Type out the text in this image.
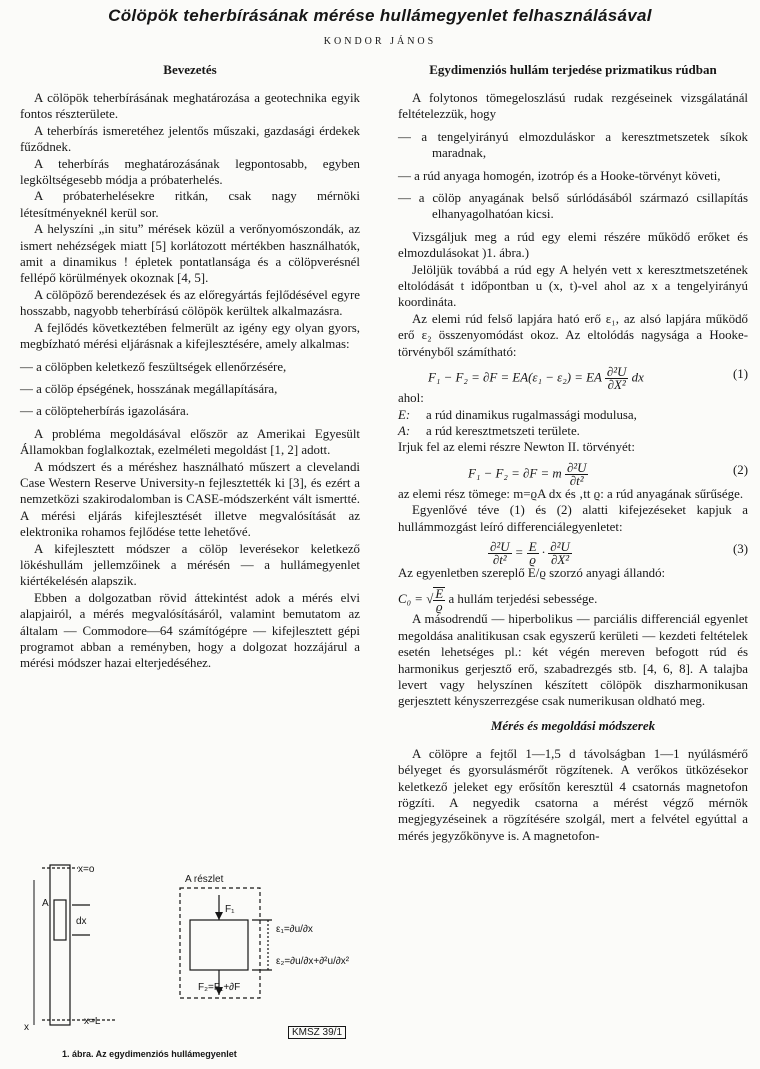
Cölöpök teherbírásának mérése hullámegyenlet felhasználásával
KONDOR JÁNOS
Bevezetés

A cölöpök teherbírásának meghatározása a geotechnika egyik fontos részterülete.

A teherbírás ismeretéhez jelentős műszaki, gazdasági érdekek fűződnek.

A teherbírás meghatározásának legpontosabb, egyben legköltségesebb módja a próbaterhelés.

A próbaterhelésekre ritkán, csak nagy mérnöki létesítményeknél kerül sor.

A helyszíni „in situ” mérések közül a verőnyomószondák, az ismert nehézségek miatt [5] korlátozott mértékben használhatók, amit a dinamikus ! épletek pontatlansága és a cölöpverésnél fellépő körülmények okoznak [4, 5].

A cölöpöző berendezések és az előregyártás fejlődésével egyre hosszabb, nagyobb teherbírású cölöpök kerültek alkalmazásra.

A fejlődés következtében felmerült az igény egy olyan gyors, megbízható mérési eljárásnak a kifejlesztésére, amely alkalmas:

— a cölöpben keletkező feszültségek ellenőrzésére,
— a cölöp épségének, hosszának megállapítására,
— a cölöpteherbírás igazolására.

A probléma megoldásával először az Amerikai Egyesült Államokban foglalkoztak, ezelméleti megoldást [1, 2] adott.

A módszert és a méréshez használható műszert a clevelandi Case Western Reserve University-n fejlesztették ki [3], és ezért a nemzetközi szakirodalomban is CASE-módszerként vált ismertté. A mérési eljárás kifejlesztését illetve megvalósítását az elektronika rohamos fejlődése tette lehetővé.

A kifejlesztett módszer a cölöp leverésekor keletkező lökéshullám jellemzőinek a mérésén — a hullámegyenlet kiértékelésén alapszik.

Ebben a dolgozatban rövid áttekintést adok a mérés elvi alapjairól, a mérés megvalósításáról, valamint bemutatom az általam — Commodore—64 számítógépre — kifejlesztett gépi programot abban a reményben, hogy a dolgozat hozzájárul a mérési módszer hazai elterjedéséhez.

x=o
x=L
A
dx
x
A részlet
F₁
F₂=F₁+∂F
ε₁=∂u/∂x
ε₂=∂u/∂x+∂²u/∂x²
KMSZ 39/1
1. ábra. Az egydimenziós hullámegyenlet
Egydimenziós hullám terjedése prizmatikus rúdban

A folytonos tömegeloszlású rudak rezgéseinek vizsgálatánál feltételezzük, hogy

— a tengelyirányú elmozduláskor a keresztmetszetek síkok maradnak,
— a rúd anyaga homogén, izotróp és a Hooke-törvényt követi,
— a cölöp anyagának belső súrlódásából származó csillapítás elhanyagolhatóan kicsi.

Vizsgáljuk meg a rúd egy elemi részére működő erőket és elmozdulásokat )1. ábra.)

Jelöljük továbbá a rúd egy A helyén vett x keresztmetszetének eltolódását t időpontban u (x, t)-vel ahol az x a tengelyirányú koordináta.

Az elemi rúd felső lapjára ható erő ε₁, az alsó lapjára működő erő ε₂ összenyomódást okoz. Az eltolódás nagysága a Hooke-törvényből számítható:

F₁ − F₂ = ∂F = EA(ε₁ − ε₂) = EA $\frac{\text{∂²U}}{\text{∂X²}}$ dx	(1)

ahol:

E: a rúd dinamikus rugalmassági modulusa,
A: a rúd keresztmetszeti területe.

Irjuk fel az elemi részre Newton II. törvényét:

F₁ − F₂ = ∂F = m $\frac{\text{∂²U}}{\text{∂t²}}$	(2)

az elemi rész tömege: m=ϱA dx és ‚tt ϱ: a rúd anyagának sűrűsége.

Egyenlővé téve (1) és (2) alatti kifejezéseket kapjuk a hullámmozgást leíró differenciálegyenletet:

$\frac{\text{∂²U}}{\text{∂t²}} = \frac{E}{ϱ} \cdot \frac{\text{∂²U}}{\text{∂X²}}$	(3)

Az egyenletben szereplő E/ϱ szorzó anyagi állandó:

C₀ = √ $\frac{E}{ϱ}$ a hullám terjedési sebessége.

A másodrendű — hiperbolikus — parciális differenciál egyenlet megoldása analitikusan csak egyszerű kerületi — kezdeti feltételek esetén lehetséges pl.: két végén mereven befogott rúd és harmonikus gerjesztő erő, szabadrezgés stb. [4, 6, 8]. A talajba levert vagy helyszínen készített cölöpök diszharmonikusan gerjesztett kényszerrezgése csak numerikusan oldható meg.

Mérés és megoldási módszerek

A cölöpre a fejtől 1—1,5 d távolságban 1—1 nyúlásmérő bélyeget és gyorsulásmérőt rögzítenek. A verőkos ütközésekor keletkező jeleket egy erősítőn keresztül 4 csatornás magnetofon rögzíti. A negyedik csatorna a mérést végző mérnök megjegyzéseinek a rögzítésére szolgál, mert a felvétel egyúttal a mérés jegyzőkönyve is. A magnetofon-
